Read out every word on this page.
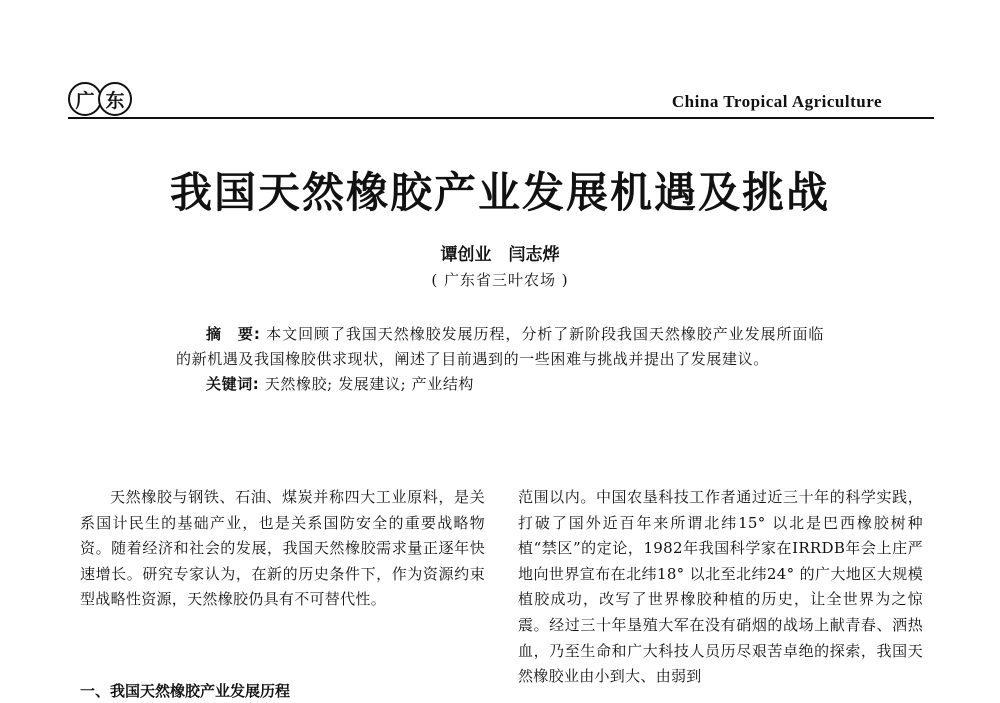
广 东	China Tropical Agriculture
我国天然橡胶产业发展机遇及挑战
谭创业　闫志烨
( 广东省三叶农场 )

摘　要: 本文回顾了我国天然橡胶发展历程，分析了新阶段我国天然橡胶产业发展所面临的新机遇及我国橡胶供求现状，阐述了目前遇到的一些困难与挑战并提出了发展建议。

关键词: 天然橡胶; 发展建议; 产业结构

天然橡胶与钢铁、石油、煤炭并称四大工业原料，是关系国计民生的基础产业，也是关系国防安全的重要战略物资。随着经济和社会的发展，我国天然橡胶需求量正逐年快速增长。研究专家认为，在新的历史条件下，作为资源约束型战略性资源，天然橡胶仍具有不可替代性。

一、我国天然橡胶产业发展历程

范围以内。中国农垦科技工作者通过近三十年的科学实践，打破了国外近百年来所谓北纬15° 以北是巴西橡胶树种植“禁区”的定论，1982年我国科学家在IRRDB年会上庄严地向世界宣布在北纬18° 以北至北纬24° 的广大地区大规模植胶成功，改写了世界橡胶种植的历史，让全世界为之惊震。经过三十年垦殖大军在没有硝烟的战场上献青春、洒热血，乃至生命和广大科技人员历尽艰苦卓绝的探索，我国天然橡胶业由小到大、由弱到
